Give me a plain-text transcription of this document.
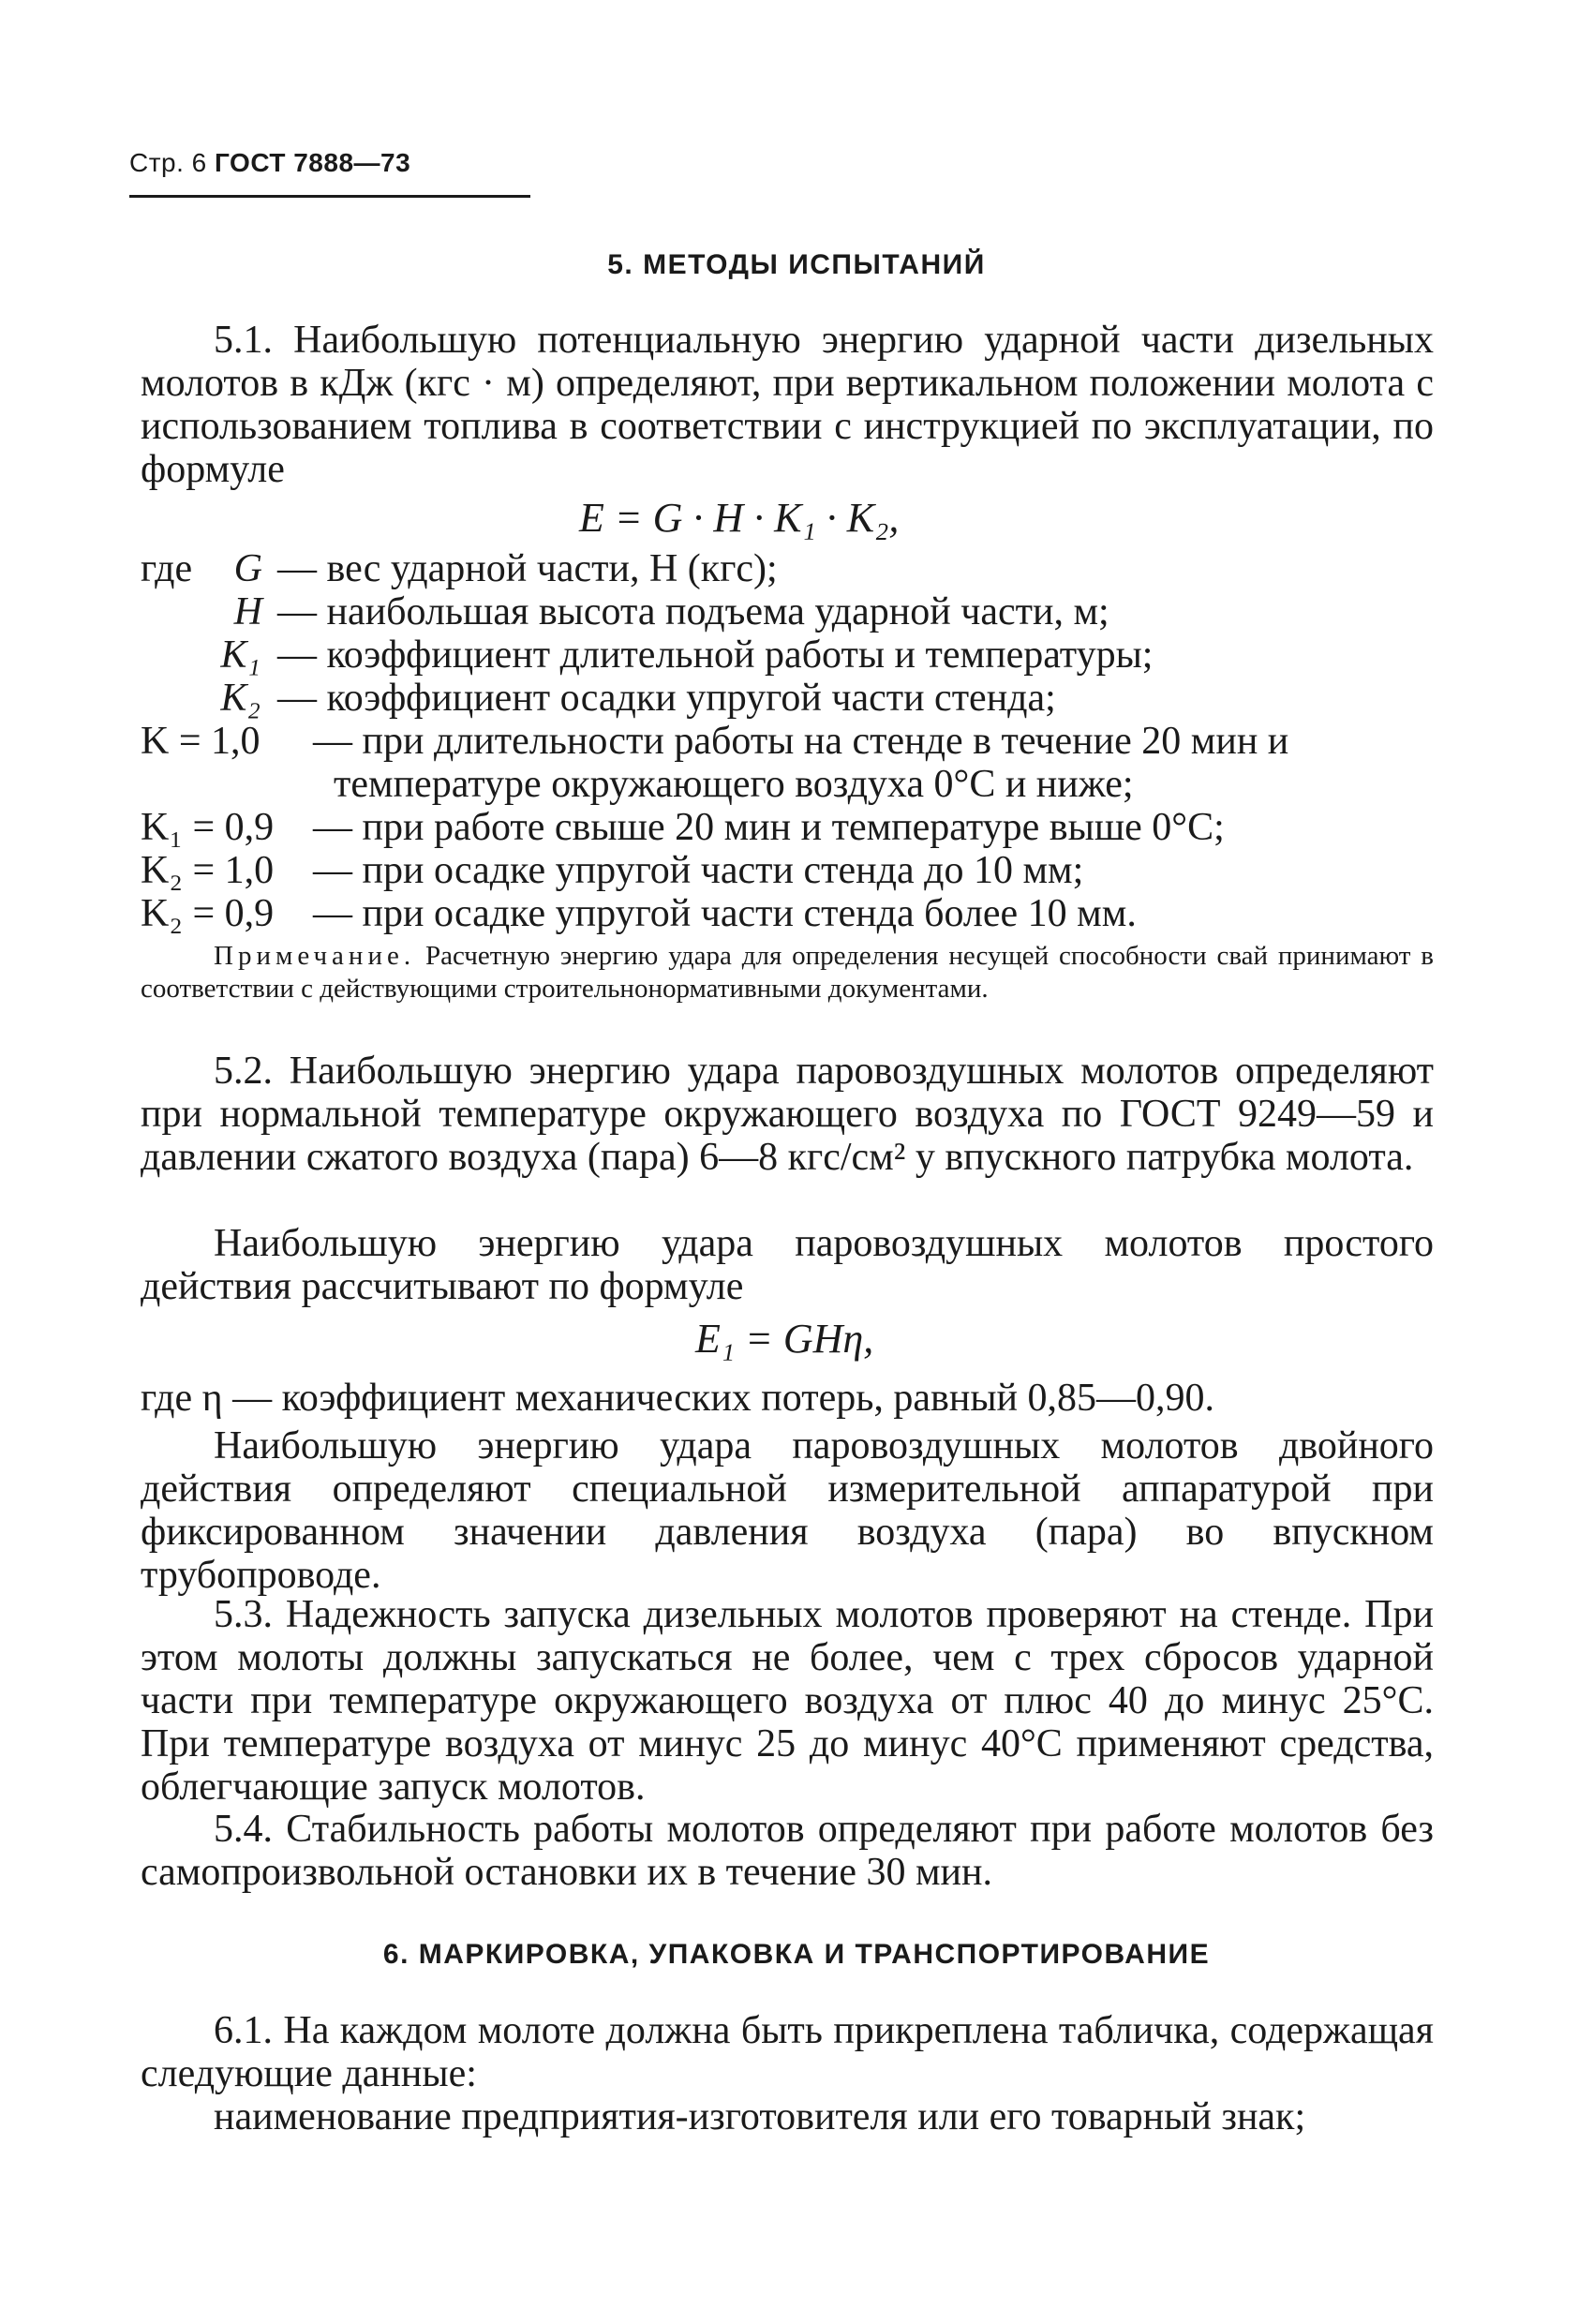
Стр. 6 ГОСТ 7888—73
5. МЕТОДЫ ИСПЫТАНИЙ
5.1. Наибольшую потенциальную энергию ударной части дизельных молотов в кДж (кгс · м) определяют, при вертикальном положении молота с использованием топлива в соответствии с инструкцией по эксплуатации, по формуле
E = G · H · K₁ · K₂,
где G — вес ударной части, Н (кгс);
H — наибольшая высота подъема ударной части, м;
K₁ — коэффициент длительной работы и температуры;
K₂ — коэффициент осадки упругой части стенда;
K = 1,0 — при длительности работы на стенде в течение 20 мин и
температуре окружающего воздуха 0°С и ниже;
K₁ = 0,9 — при работе свыше 20 мин и температуре выше 0°С;
K₂ = 1,0 — при осадке упругой части стенда до 10 мм;
K₂ = 0,9 — при осадке упругой части стенда более 10 мм.
Примечание. Расчетную энергию удара для определения несущей способности свай принимают в соответствии с действующими строительнонормативными документами.
5.2. Наибольшую энергию удара паровоздушных молотов определяют при нормальной температуре окружающего воздуха по ГОСТ 9249—59 и давлении сжатого воздуха (пара) 6—8 кгс/см² у впускного патрубка молота.
Наибольшую энергию удара паровоздушных молотов простого действия рассчитывают по формуле
E₁ = GHη,
где η — коэффициент механических потерь, равный 0,85—0,90.
Наибольшую энергию удара паровоздушных молотов двойного действия определяют специальной измерительной аппаратурой при фиксированном значении давления воздуха (пара) во впускном трубопроводе.
5.3. Надежность запуска дизельных молотов проверяют на стенде. При этом молоты должны запускаться не более, чем с трех сбросов ударной части при температуре окружающего воздуха от плюс 40 до минус 25°С. При температуре воздуха от минус 25 до минус 40°С применяют средства, облегчающие запуск молотов.
5.4. Стабильность работы молотов определяют при работе молотов без самопроизвольной остановки их в течение 30 мин.
6. МАРКИРОВКА, УПАКОВКА И ТРАНСПОРТИРОВАНИЕ
6.1. На каждом молоте должна быть прикреплена табличка, содержащая следующие данные:
наименование предприятия-изготовителя или его товарный знак;
